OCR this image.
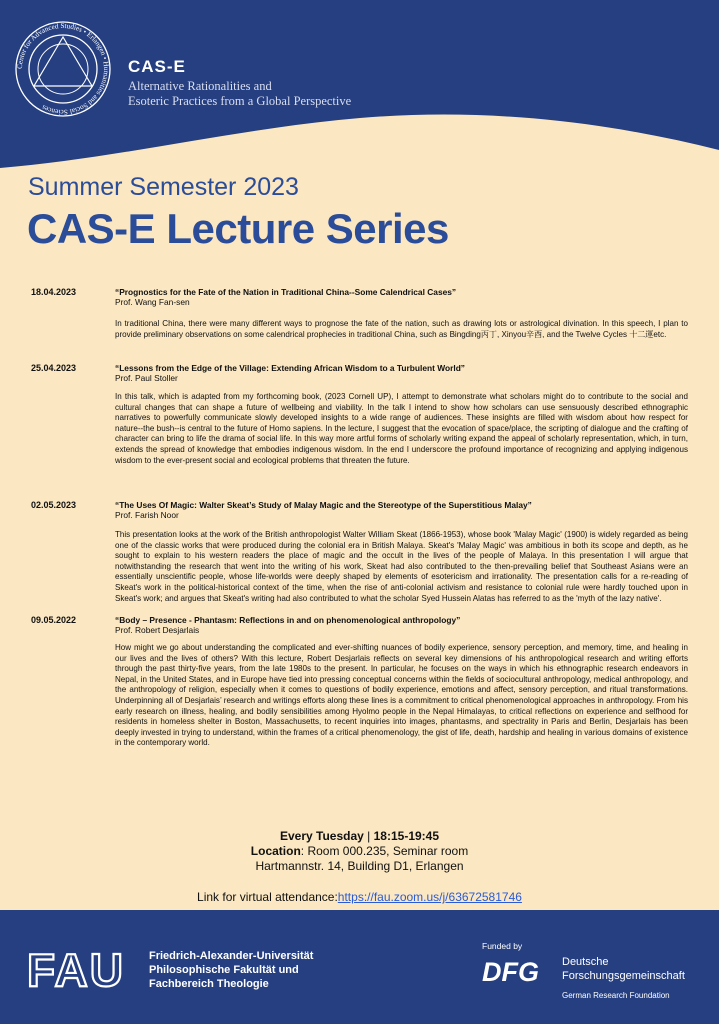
Center for Advanced Studies • Erlangen • Humanities and Social Sciences
CAS-E
Alternative Rationalities and
Esoteric Practices from a Global Perspective
Summer Semester 2023
CAS-E Lecture Series
18.04.2023	“Prognostics for the Fate of the Nation in Traditional China--Some Calendrical Cases”
Prof. Wang Fan-sen
In traditional China, there were many different ways to prognose the fate of the nation, such as drawing lots or astrological divination. In this speech, I plan to provide preliminary observations on some calendrical prophecies in traditional China, such as Bingding丙丁, Xinyou辛酉, and the Twelve Cycles 十二運etc.
25.04.2023	“Lessons from the Edge of the Village: Extending African Wisdom to a Turbulent World”
Prof. Paul Stoller
In this talk, which is adapted from my forthcoming book, (2023 Cornell UP), I attempt to demonstrate what scholars might do to contribute to the social and cultural changes that can shape a future of wellbeing and viability. In the talk I intend to show how scholars can use sensuously described ethnographic narratives to powerfully communicate slowly developed insights to a wide range of audiences. These insights are filled with wisdom about how respect for nature--the bush--is central to the future of Homo sapiens. In the lecture, I suggest that the evocation of space/place, the scripting of dialogue and the crafting of character can bring to life the drama of social life. In this way more artful forms of scholarly writing expand the appeal of scholarly representation, which, in turn, extends the spread of knowledge that embodies indigenous wisdom. In the end I underscore the profound importance of recognizing and applying indigenous wisdom to the ever-present social and ecological problems that threaten the future.
02.05.2023	“The Uses Of Magic: Walter Skeat’s Study of Malay Magic and the Stereotype of the Superstitious Malay”
Prof. Farish Noor
This presentation looks at the work of the British anthropologist Walter William Skeat (1866-1953), whose book 'Malay Magic' (1900) is widely regarded as being one of the classic works that were produced during the colonial era in British Malaya. Skeat's 'Malay Magic' was ambitious in both its scope and depth, as he sought to explain to his western readers the place of magic and the occult in the lives of the people of Malaya. In this presentation I will argue that notwithstanding the research that went into the writing of his work, Skeat had also contributed to the then-prevailing belief that Southeast Asians were an essentially unscientific people, whose life-worlds were deeply shaped by elements of esotericism and irrationality. The presentation calls for a re-reading of Skeat's work in the political-historical context of the time, when the rise of anti-colonial activism and resistance to colonial rule were hardly touched upon in Skeat's work; and argues that Skeat's writing had also contributed to what the scholar Syed Hussein Alatas has referred to as the 'myth of the lazy native'.
09.05.2022	“Body – Presence - Phantasm: Reflections in and on phenomenological anthropology”
Prof. Robert Desjarlais
How might we go about understanding the complicated and ever-shifting nuances of bodily experience, sensory perception, and memory, time, and healing in our lives and the lives of others? With this lecture, Robert Desjarlais reflects on several key dimensions of his anthropological research and writing efforts through the past thirty-five years, from the late 1980s to the present. In particular, he focuses on the ways in which his ethnographic research endeavors in Nepal, in the United States, and in Europe have tied into pressing conceptual concerns within the fields of sociocultural anthropology, medical anthropology, and the anthropology of religion, especially when it comes to questions of bodily experience, emotions and affect, sensory perception, and ritual transformations. Underpinning all of Desjarlais’ research and writings efforts along these lines is a commitment to critical phenomenological approaches in anthropology. From his early research on illness, healing, and bodily sensibilities among Hyolmo people in the Nepal Himalayas, to critical reflections on experience and selfhood for residents in homeless shelter in Boston, Massachusetts, to recent inquiries into images, phantasms, and spectrality in Paris and Berlin, Desjarlais has been deeply invested in trying to understand, within the frames of a critical phenomenology, the gist of life, death, hardship and healing in various domains of existence in the contemporary world.
Every Tuesday | 18:15-19:45
Location: Room 000.235, Seminar room
Hartmannstr. 14, Building D1, Erlangen
Link for virtual attendance:https://fau.zoom.us/j/63672581746
FAU Friedrich-Alexander-Universität
Philosophische Fakultät und
Fachbereich Theologie
Funded by
DFG Deutsche
Forschungsgemeinschaft
German Research Foundation
